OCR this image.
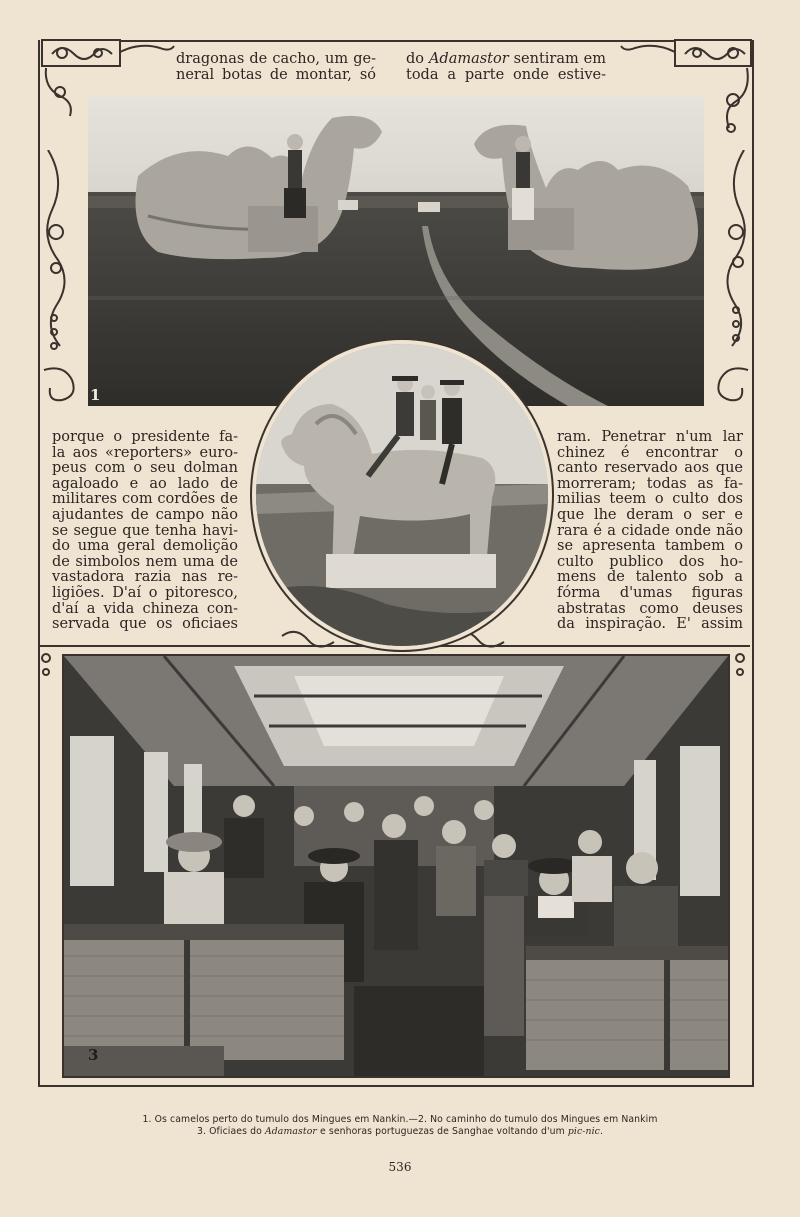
dragonas de cacho, um ge-
neral botas de montar, só
do Adamastor sentiram em
toda a parte onde estive-
1
porque o presidente fa-
la aos «reporters» euro-
peus com o seu dolman
agaloado e ao lado de
militares com cordões de
ajudantes de campo não
se segue que tenha havi-
do uma geral demolição
de simbolos nem uma de
vastadora razia nas re-
ligiões. D'aí o pitoresco,
d'aí a vida chineza con-
servada que os oficiaes
ram. Penetrar n'um lar
chinez é encontrar o
canto reservado aos que
morreram; todas as fa-
milias teem o culto dos
que lhe deram o ser e
rara é a cidade onde não
se apresenta tambem o
culto publico dos ho-
mens de talento sob a
fórma d'umas figuras
abstratas como deuses
da inspiração. E' assim
3
1. Os camelos perto do tumulo dos Mingues em Nankin.—2. No caminho do tumulo dos Mingues em Nankim
3. Oficiaes do Adamastor e senhoras portuguezas de Sanghae voltando d'um pic-nic.
536
